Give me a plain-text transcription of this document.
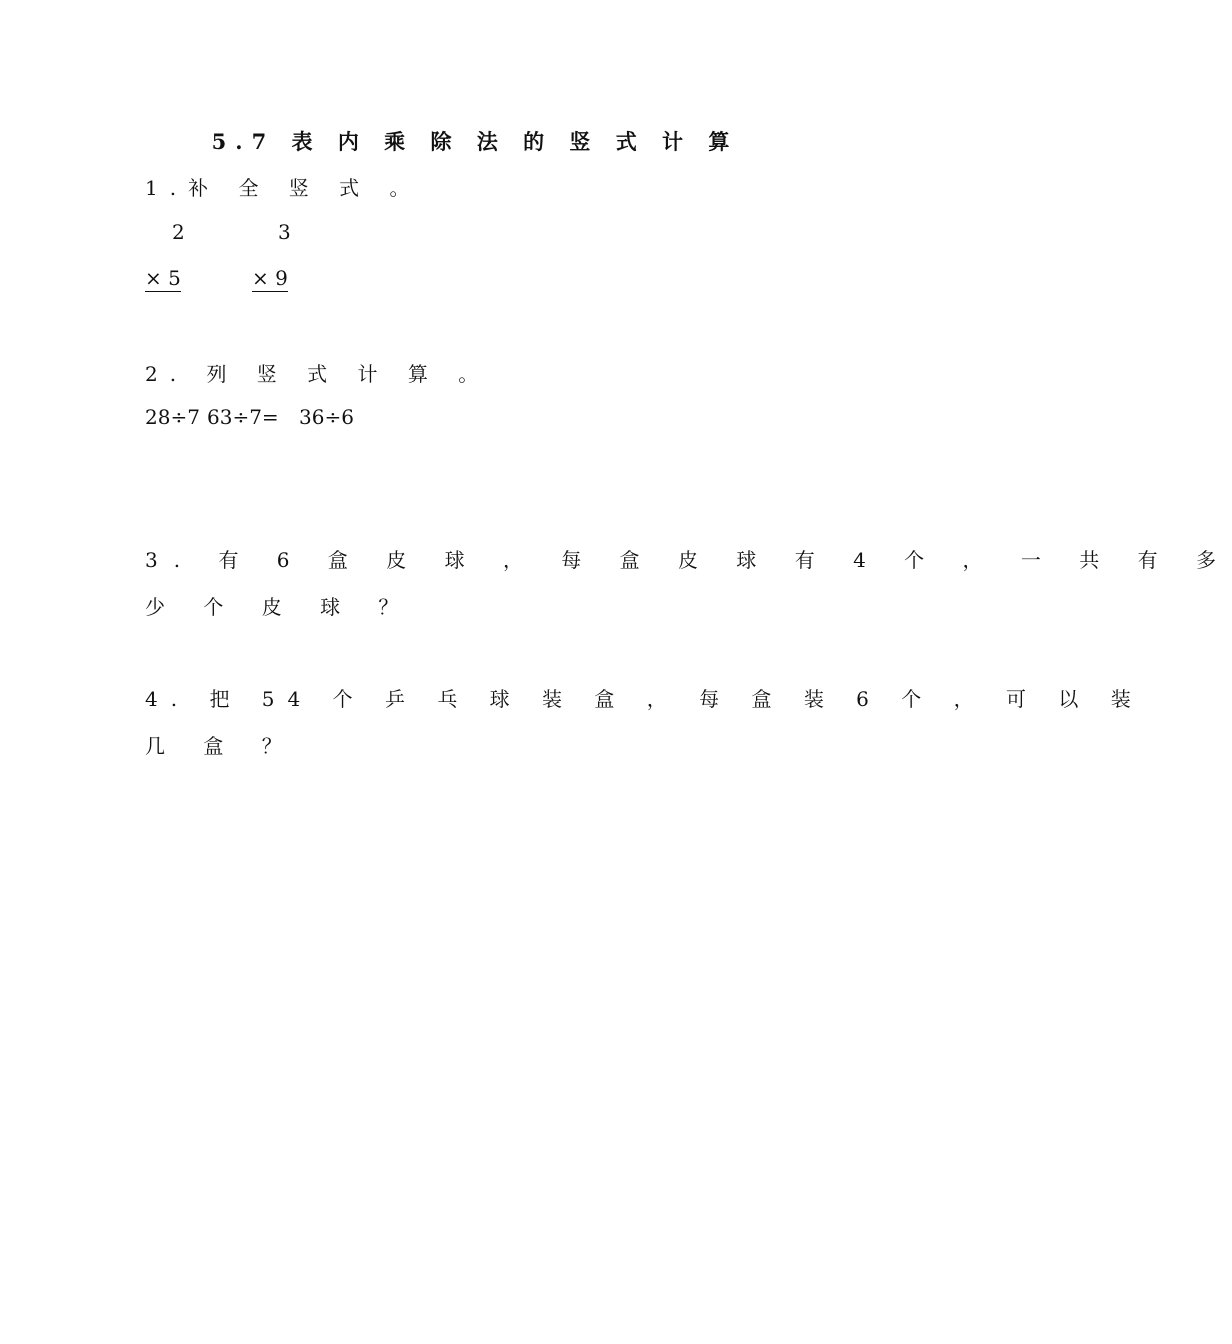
5.7 表 内 乘 除 法 的 竖 式 计 算
1.补 全 竖 式 。
2
× 5
3
× 9
2. 列 竖 式 计 算 。
28÷7 63÷7= 36÷6
3. 有 6 盒 皮 球 ， 每 盒 皮 球 有 4 个 ， 一 共 有 多
少 个 皮 球 ？
4. 把 54 个 乒 乓 球 装 盒 ， 每 盒 装 6 个 ， 可 以 装
几 盒 ？
